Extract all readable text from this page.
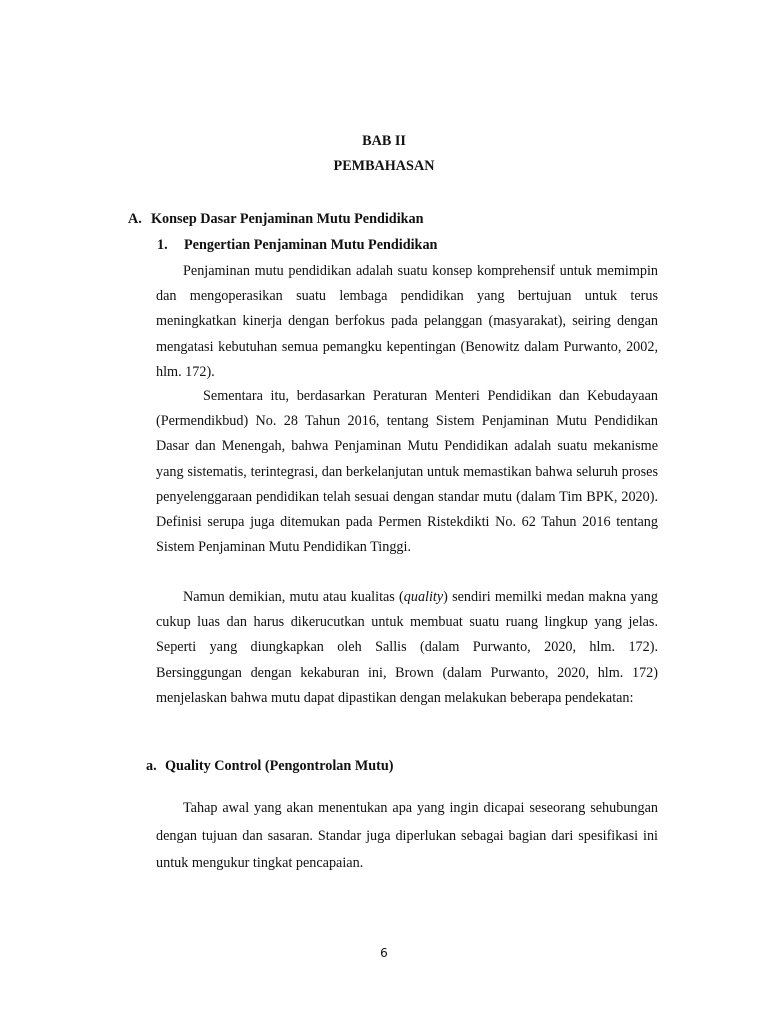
BAB II

PEMBAHASAN

A. Konsep Dasar Penjaminan Mutu Pendidikan

1. Pengertian Penjaminan Mutu Pendidikan

Penjaminan mutu pendidikan adalah suatu konsep komprehensif untuk memimpin dan mengoperasikan suatu lembaga pendidikan yang bertujuan untuk terus meningkatkan kinerja dengan berfokus pada pelanggan (masyarakat), seiring dengan mengatasi kebutuhan semua pemangku kepentingan (Benowitz dalam Purwanto, 2002, hlm. 172).

Sementara itu, berdasarkan Peraturan Menteri Pendidikan dan Kebudayaan (Permendikbud) No. 28 Tahun 2016, tentang Sistem Penjaminan Mutu Pendidikan Dasar dan Menengah, bahwa Penjaminan Mutu Pendidikan adalah suatu mekanisme yang sistematis, terintegrasi, dan berkelanjutan untuk memastikan bahwa seluruh proses penyelenggaraan pendidikan telah sesuai dengan standar mutu (dalam Tim BPK, 2020). Definisi serupa juga ditemukan pada Permen Ristekdikti No. 62 Tahun 2016 tentang Sistem Penjaminan Mutu Pendidikan Tinggi.

Namun demikian, mutu atau kualitas (quality) sendiri memilki medan makna yang cukup luas dan harus dikerucutkan untuk membuat suatu ruang lingkup yang jelas. Seperti yang diungkapkan oleh Sallis (dalam Purwanto, 2020, hlm. 172). Bersinggungan dengan kekaburan ini, Brown (dalam Purwanto, 2020, hlm. 172) menjelaskan bahwa mutu dapat dipastikan dengan melakukan beberapa pendekatan:

a. Quality Control (Pengontrolan Mutu)

Tahap awal yang akan menentukan apa yang ingin dicapai seseorang sehubungan dengan tujuan dan sasaran. Standar juga diperlukan sebagai bagian dari spesifikasi ini untuk mengukur tingkat pencapaian.

6
